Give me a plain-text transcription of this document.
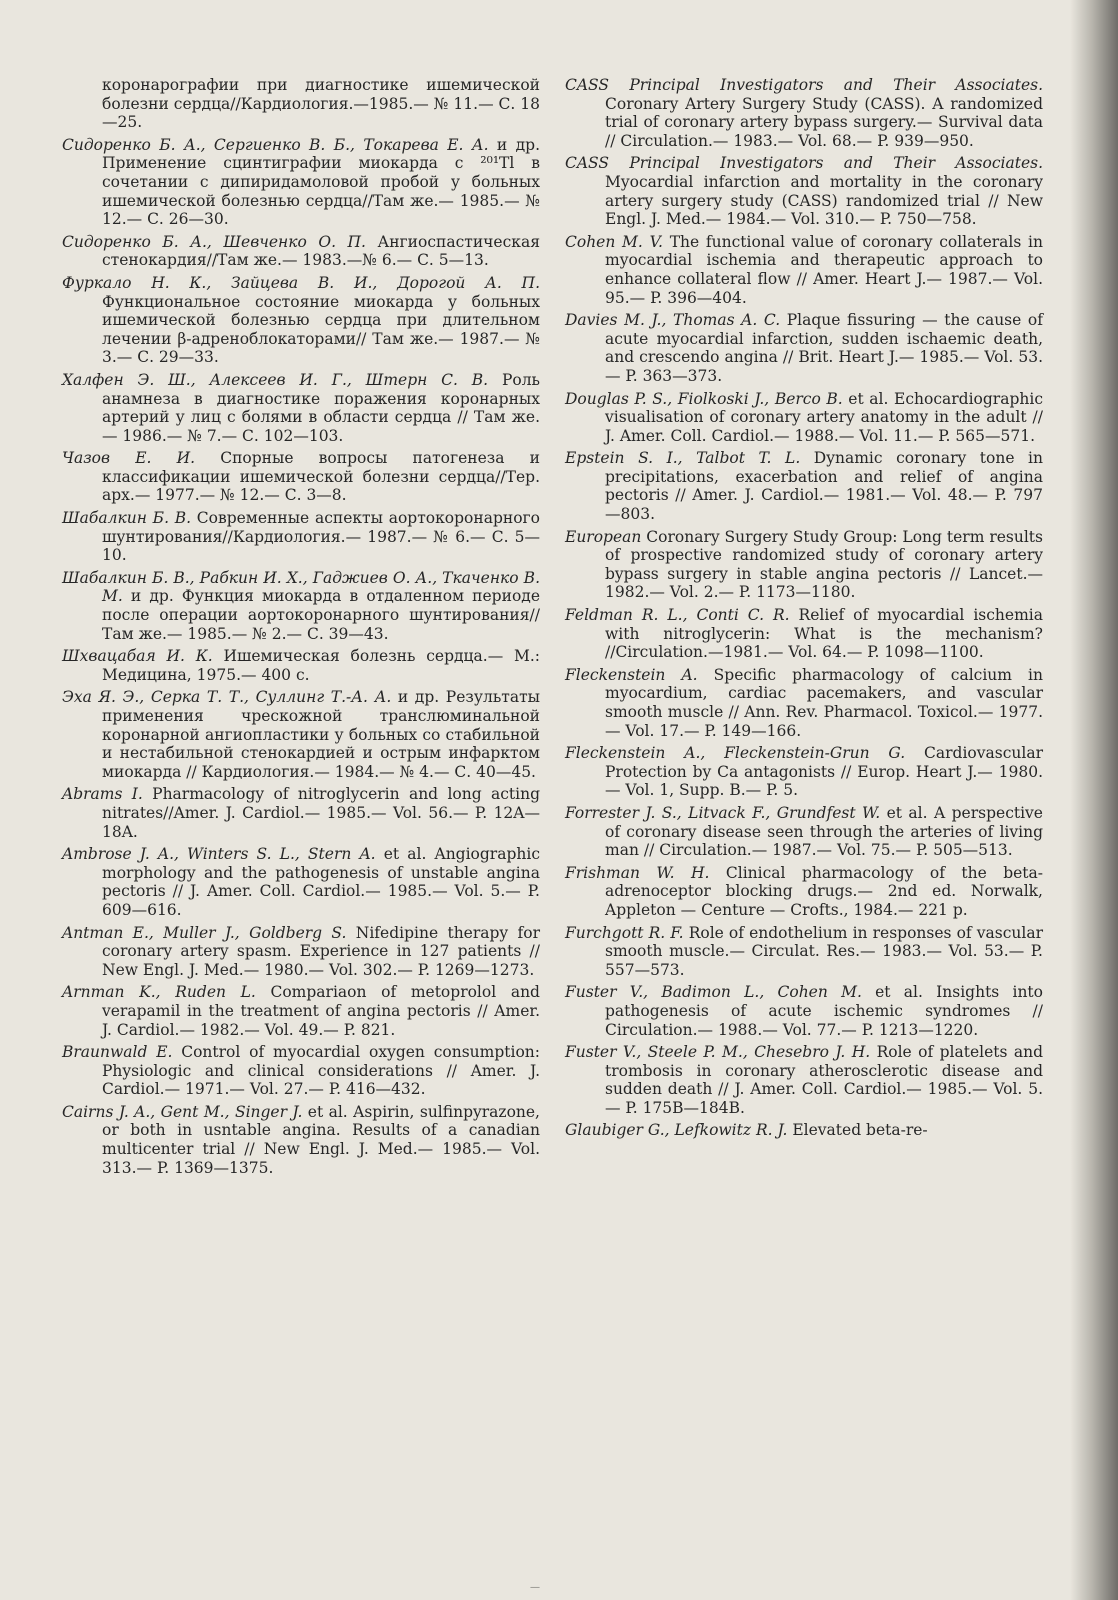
коронарографии при диагностике ишемической болезни сердца//Кардиология.—1985.— № 11.— С. 18—25.

Сидоренко Б. А., Сергиенко В. Б., Токарева Е. А. и др. Применение сцинтиграфии миокарда с ²⁰¹Tl в сочетании с дипиридамоловой пробой у больных ишемической болезнью сердца//Там же.— 1985.— № 12.— С. 26—30.

Сидоренко Б. А., Шевченко О. П. Ангиоспастическая стенокардия//Там же.— 1983.—№ 6.— С. 5—13.

Фуркало Н. К., Зайцева В. И., Дорогой А. П. Функциональное состояние миокарда у больных ишемической болезнью сердца при длительном лечении β-адреноблокаторами// Там же.— 1987.— № 3.— С. 29—33.

Халфен Э. Ш., Алексеев И. Г., Штерн С. В. Роль анамнеза в диагностике поражения коронарных артерий у лиц с болями в области сердца // Там же.— 1986.— № 7.— С. 102—103.

Чазов Е. И. Спорные вопросы патогенеза и классификации ишемической болезни сердца//Тер. арх.— 1977.— № 12.— С. 3—8.

Шабалкин Б. В. Современные аспекты аортокоронарного шунтирования//Кардиология.— 1987.— № 6.— С. 5—10.

Шабалкин Б. В., Рабкин И. Х., Гаджиев О. А., Ткаченко В. М. и др. Функция миокарда в отдаленном периоде после операции аортокоронарного шунтирования//Там же.— 1985.— № 2.— С. 39—43.

Шхвацабая И. К. Ишемическая болезнь сердца.— М.: Медицина, 1975.— 400 с.

Эха Я. Э., Серка Т. Т., Суллинг Т.-А. А. и др. Результаты применения чрескожной транслюминальной коронарной ангиопластики у больных со стабильной и нестабильной стенокардией и острым инфарктом миокарда // Кардиология.— 1984.— № 4.— С. 40—45.

Abrams I. Pharmacology of nitroglycerin and long acting nitrates//Amer. J. Cardiol.— 1985.— Vol. 56.— P. 12A—18A.

Ambrose J. A., Winters S. L., Stern A. et al. Angiographic morphology and the pathogenesis of unstable angina pectoris // J. Amer. Coll. Cardiol.— 1985.— Vol. 5.— P. 609—616.

Antman E., Muller J., Goldberg S. Nifedipine therapy for coronary artery spasm. Experience in 127 patients // New Engl. J. Med.— 1980.— Vol. 302.— P. 1269—1273.

Arnman K., Ruden L. Compariaon of metoprolol and verapamil in the treatment of angina pectoris // Amer. J. Cardiol.— 1982.— Vol. 49.— P. 821.

Braunwald E. Control of myocardial oxygen consumption: Physiologic and clinical considerations // Amer. J. Cardiol.— 1971.— Vol. 27.— P. 416—432.

Cairns J. A., Gent M., Singer J. et al. Aspirin, sulfinpyrazone, or both in usntable angina. Results of a canadian multicenter trial // New Engl. J. Med.— 1985.— Vol. 313.— P. 1369—1375.

CASS Principal Investigators and Their Associates. Coronary Artery Surgery Study (CASS). A randomized trial of coronary artery bypass surgery.— Survival data // Circulation.— 1983.— Vol. 68.— P. 939—950.

CASS Principal Investigators and Their Associates. Myocardial infarction and mortality in the coronary artery surgery study (CASS) randomized trial // New Engl. J. Med.— 1984.— Vol. 310.— P. 750—758.

Cohen M. V. The functional value of coronary collaterals in myocardial ischemia and therapeutic approach to enhance collateral flow // Amer. Heart J.— 1987.— Vol. 95.— P. 396—404.

Davies M. J., Thomas A. C. Plaque fissuring — the cause of acute myocardial infarction, sudden ischaemic death, and crescendo angina // Brit. Heart J.— 1985.— Vol. 53.— P. 363—373.

Douglas P. S., Fiolkoski J., Berco B. et al. Echocardiographic visualisation of coronary artery anatomy in the adult // J. Amer. Coll. Cardiol.— 1988.— Vol. 11.— P. 565—571.

Epstein S. I., Talbot T. L. Dynamic coronary tone in precipitations, exacerbation and relief of angina pectoris // Amer. J. Cardiol.— 1981.— Vol. 48.— P. 797—803.

European Coronary Surgery Study Group: Long term results of prospective randomized study of coronary artery bypass surgery in stable angina pectoris // Lancet.— 1982.— Vol. 2.— P. 1173—1180.

Feldman R. L., Conti C. R. Relief of myocardial ischemia with nitroglycerin: What is the mechanism? //Circulation.—1981.— Vol. 64.— P. 1098—1100.

Fleckenstein A. Specific pharmacology of calcium in myocardium, cardiac pacemakers, and vascular smooth muscle // Ann. Rev. Pharmacol. Toxicol.— 1977.— Vol. 17.— P. 149—166.

Fleckenstein A., Fleckenstein-Grun G. Cardiovascular Protection by Ca antagonists // Europ. Heart J.— 1980.— Vol. 1, Supp. B.— P. 5.

Forrester J. S., Litvack F., Grundfest W. et al. A perspective of coronary disease seen through the arteries of living man // Circulation.— 1987.— Vol. 75.— P. 505—513.

Frishman W. H. Clinical pharmacology of the beta-adrenoceptor blocking drugs.— 2nd ed. Norwalk, Appleton — Centure — Crofts., 1984.— 221 p.

Furchgott R. F. Role of endothelium in responses of vascular smooth muscle.— Circulat. Res.— 1983.— Vol. 53.— P. 557—573.

Fuster V., Badimon L., Cohen M. et al. Insights into pathogenesis of acute ischemic syndromes // Circulation.— 1988.— Vol. 77.— P. 1213—1220.

Fuster V., Steele P. M., Chesebro J. H. Role of platelets and trombosis in coronary atherosclerotic disease and sudden death // J. Amer. Coll. Cardiol.— 1985.— Vol. 5.— P. 175B—184B.

Glaubiger G., Lefkowitz R. J. Elevated beta-re-

—
